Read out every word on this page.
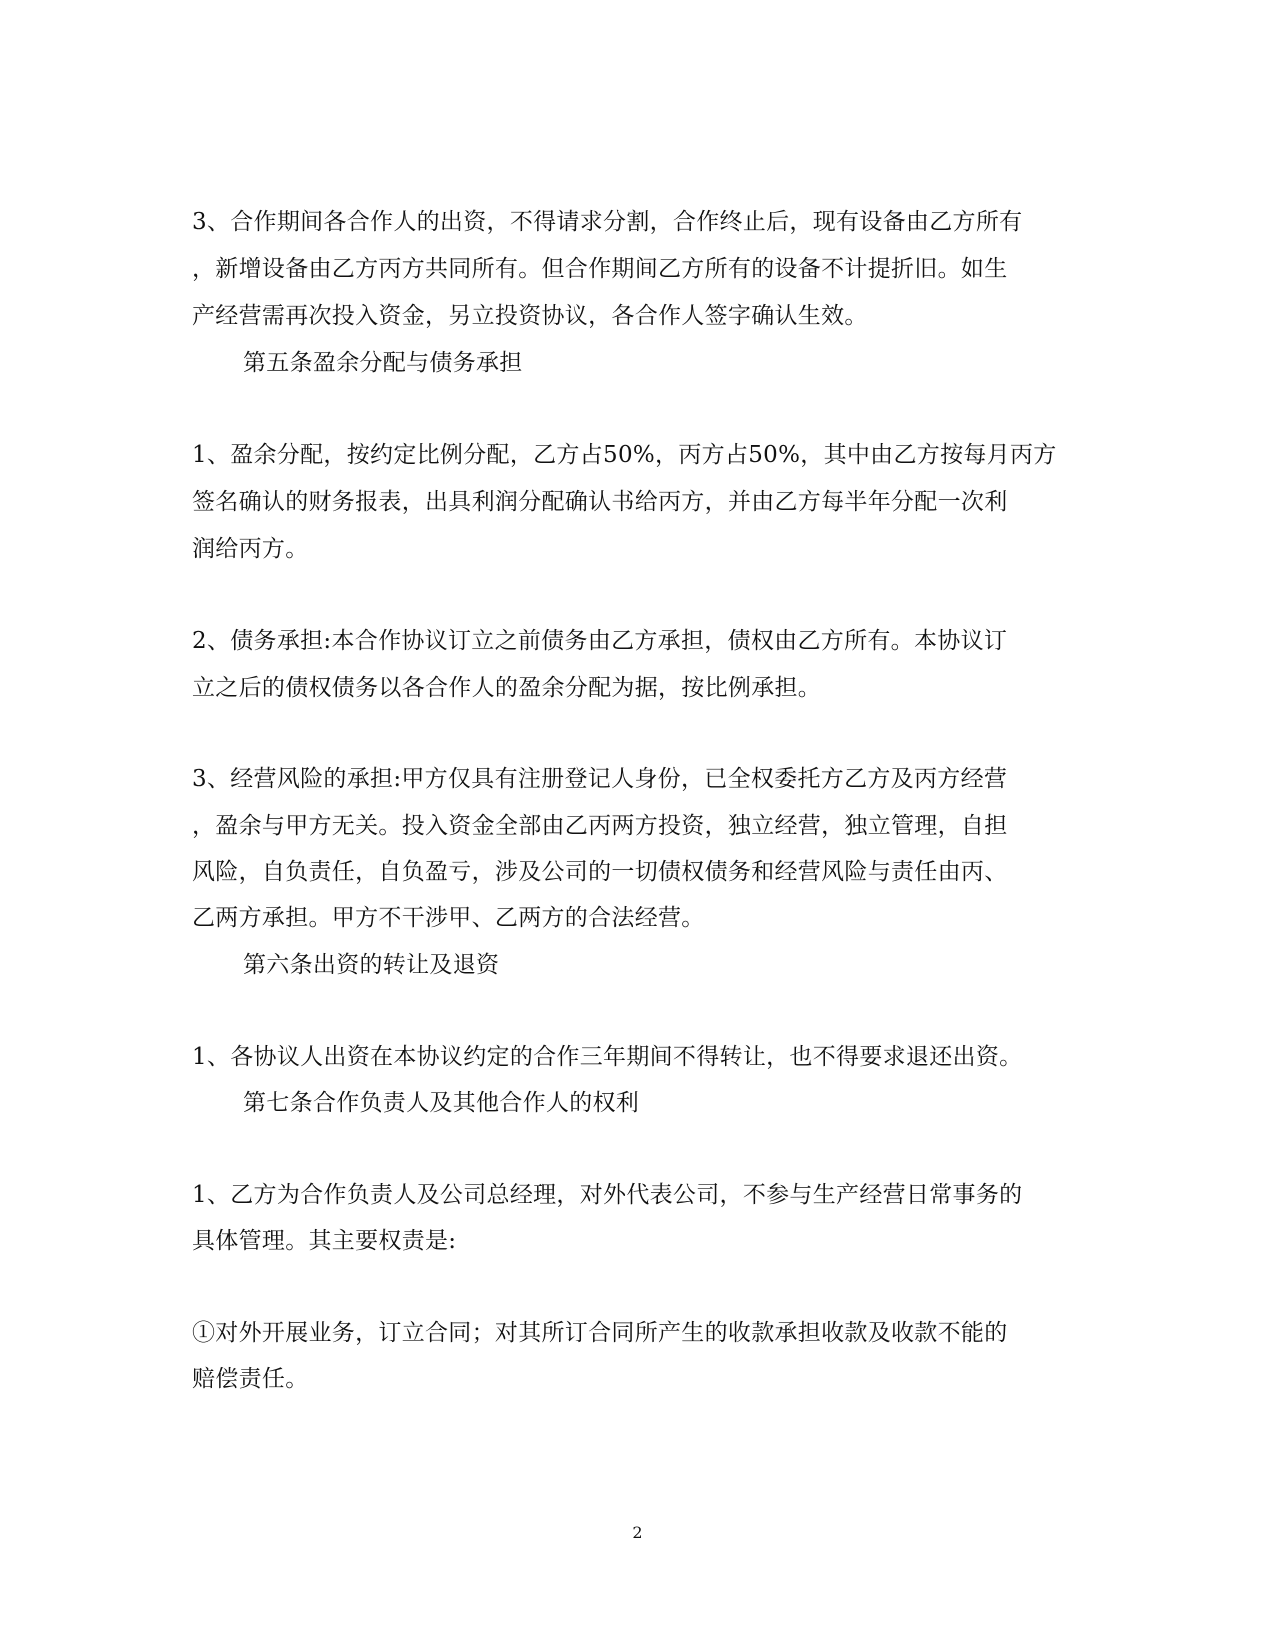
3、合作期间各合作人的出资，不得请求分割，合作终止后，现有设备由乙方所有
，新增设备由乙方丙方共同所有。但合作期间乙方所有的设备不计提折旧。如生
产经营需再次投入资金，另立投资协议，各合作人签字确认生效。
第五条盈余分配与债务承担
1、盈余分配，按约定比例分配，乙方占50%，丙方占50%，其中由乙方按每月丙方
签名确认的财务报表，出具利润分配确认书给丙方，并由乙方每半年分配一次利
润给丙方。
2、债务承担:本合作协议订立之前债务由乙方承担，债权由乙方所有。本协议订
立之后的债权债务以各合作人的盈余分配为据，按比例承担。
3、经营风险的承担:甲方仅具有注册登记人身份，已全权委托方乙方及丙方经营
，盈余与甲方无关。投入资金全部由乙丙两方投资，独立经营，独立管理，自担
风险，自负责任，自负盈亏，涉及公司的一切债权债务和经营风险与责任由丙、
乙两方承担。甲方不干涉甲、乙两方的合法经营。
第六条出资的转让及退资
1、各协议人出资在本协议约定的合作三年期间不得转让，也不得要求退还出资。
第七条合作负责人及其他合作人的权利
1、乙方为合作负责人及公司总经理，对外代表公司，不参与生产经营日常事务的
具体管理。其主要权责是:
①对外开展业务，订立合同；对其所订合同所产生的收款承担收款及收款不能的
赔偿责任。
2
